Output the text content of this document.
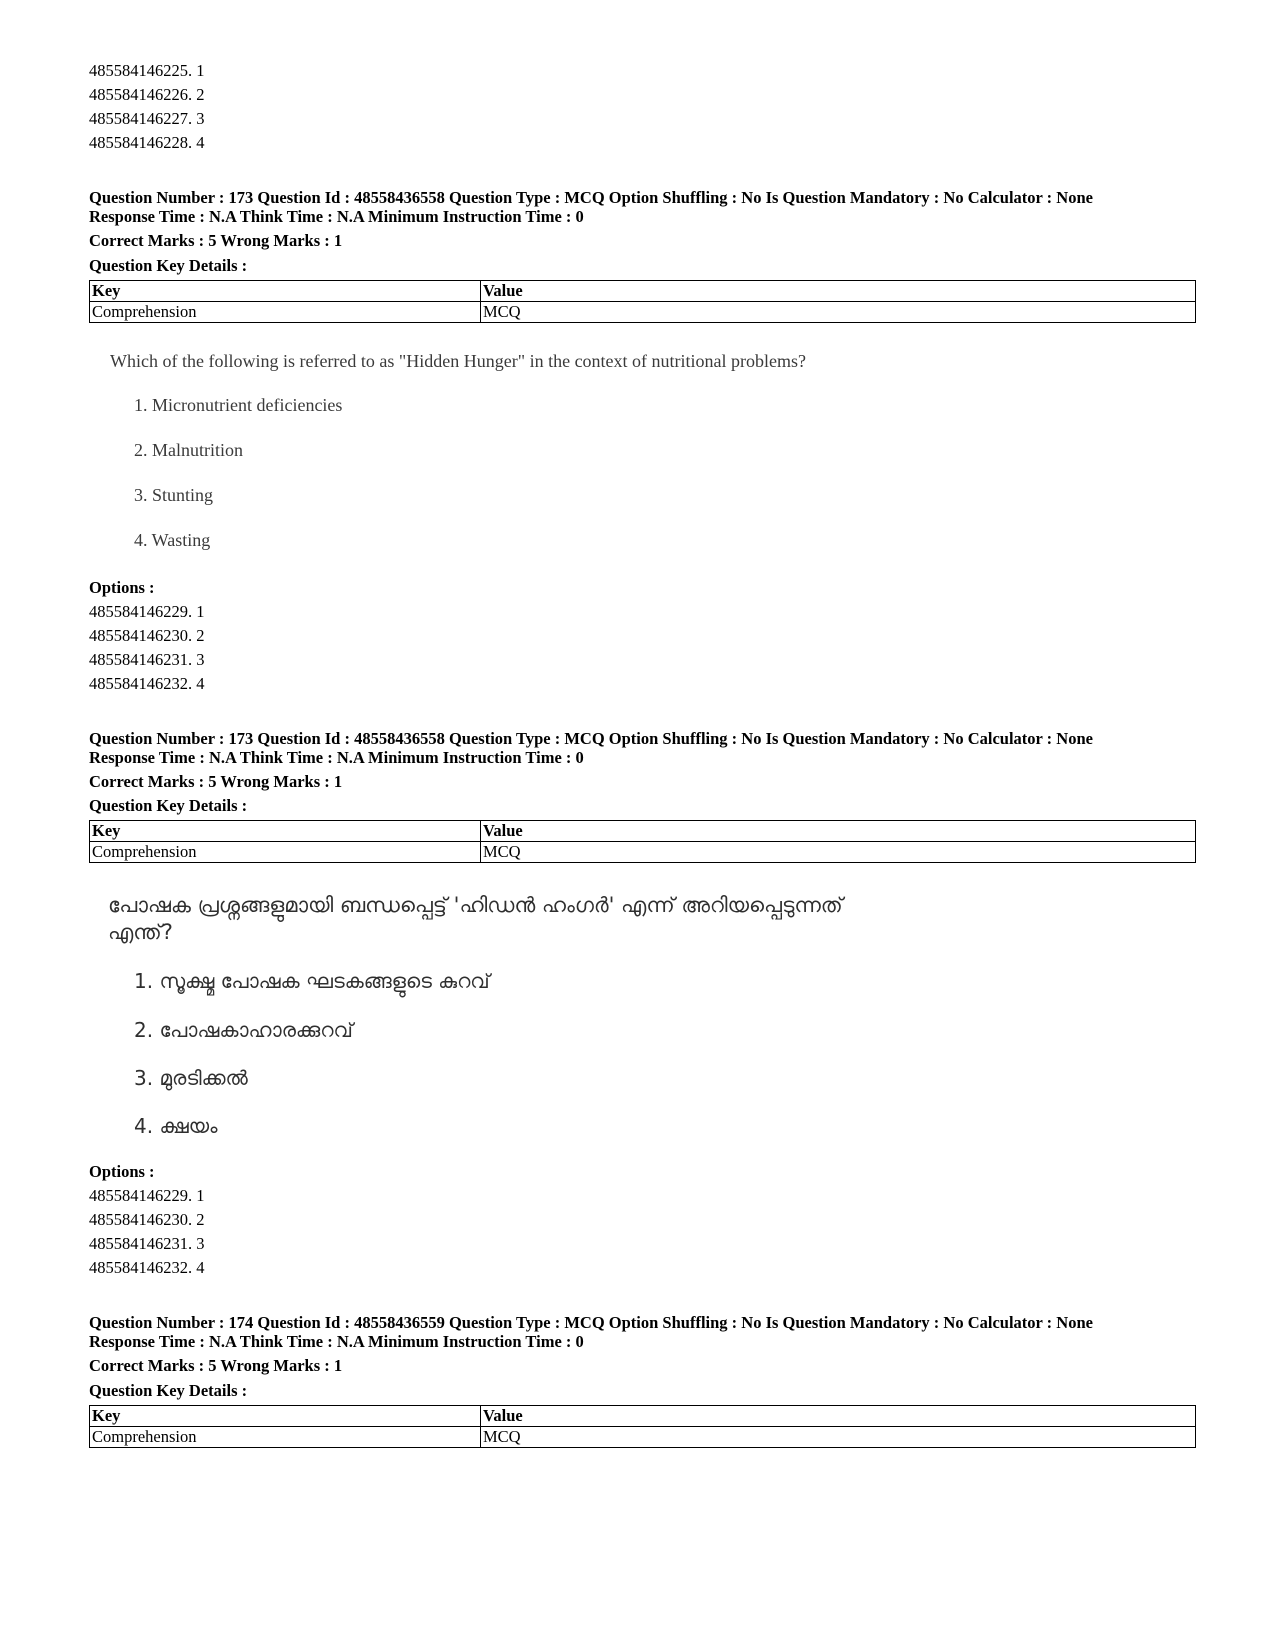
485584146225. 1
485584146226. 2
485584146227. 3
485584146228. 4
Question Number : 173 Question Id : 48558436558 Question Type : MCQ Option Shuffling : No Is Question Mandatory : No Calculator : None
Response Time : N.A Think Time : N.A Minimum Instruction Time : 0
Correct Marks : 5 Wrong Marks : 1
Question Key Details :
Key	Value
Comprehension	MCQ
Which of the following is referred to as "Hidden Hunger" in the context of nutritional problems?
1. Micronutrient deficiencies
2. Malnutrition
3. Stunting
4. Wasting
Options :
485584146229. 1
485584146230. 2
485584146231. 3
485584146232. 4
Question Number : 173 Question Id : 48558436558 Question Type : MCQ Option Shuffling : No Is Question Mandatory : No Calculator : None
Response Time : N.A Think Time : N.A Minimum Instruction Time : 0
Correct Marks : 5 Wrong Marks : 1
Question Key Details :
Key	Value
Comprehension	MCQ
പോഷക പ്രശ്നങ്ങളുമായി ബന്ധപ്പെട്ട് 'ഹിഡൻ ഹംഗർ' എന്ന് അറിയപ്പെടുന്നത്
എന്ത്?
1. സൂക്ഷ്മ പോഷക ഘടകങ്ങളുടെ കുറവ്
2. പോഷകാഹാരക്കുറവ്
3. മുരടിക്കൽ
4. ക്ഷയം
Options :
485584146229. 1
485584146230. 2
485584146231. 3
485584146232. 4
Question Number : 174 Question Id : 48558436559 Question Type : MCQ Option Shuffling : No Is Question Mandatory : No Calculator : None
Response Time : N.A Think Time : N.A Minimum Instruction Time : 0
Correct Marks : 5 Wrong Marks : 1
Question Key Details :
Key	Value
Comprehension	MCQ
